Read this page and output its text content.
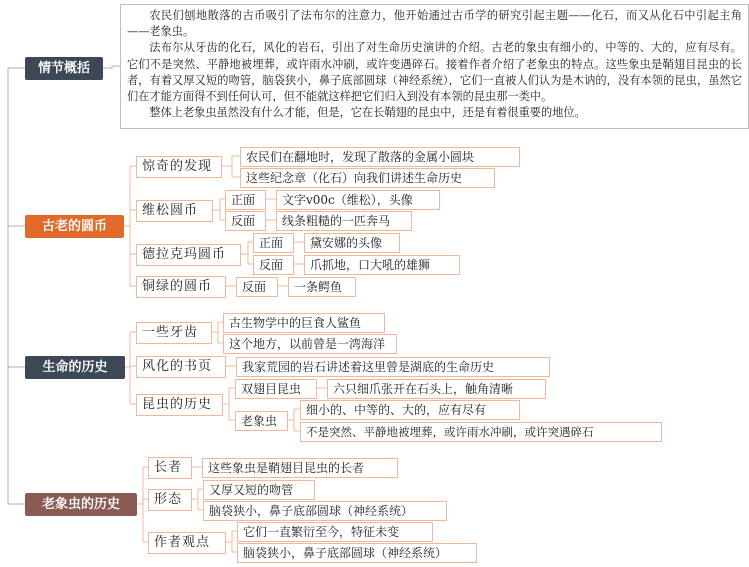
农民们刨地散落的古币吸引了法布尔的注意力，他开始通过古币学的研究引起主题——化石，而又从化石中引起主角——老象虫。

法布尔从牙齿的化石，风化的岩石，引出了对生命历史演讲的介绍。古老的象虫有细小的、中等的、大的，应有尽有。它们不是突然、平静地被埋葬，或许雨水冲刷，或许变遇碎石。接着作者介绍了老象虫的特点。这些象虫是鞘翅目昆虫的长者，有着又厚又短的吻管，脑袋狭小，鼻子底部圆球（神经系统），它们一直被人们认为是木讷的，没有本领的昆虫，虽然它们在才能方面得不到任何认可，但不能就这样把它们归入到没有本领的昆虫那一类中。

整体上老象虫虽然没有什么才能，但是，它在长鞘翅的昆虫中，还是有着很重要的地位。

情节概括
古老的圆币
生命的历史
老象虫的历史
惊奇的发现
农民们在翻地时，发现了散落的金属小圆块
这些纪念章（化石）向我们讲述生命历史
维松圆币
正面	文字v00c（维松），头像
反面	线条粗糙的一匹奔马
德拉克玛圆币
正面	黛安娜的头像
反面	爪抓地，口大吼的雄狮
铜绿的圆币	反面	一条鳄鱼
一些牙齿
古生物学中的巨食人鲨鱼
这个地方，以前曾是一湾海洋
风化的书页	我家荒园的岩石讲述着这里曾是湖底的生命历史
昆虫的历史
双翅目昆虫	六只细爪张开在石头上，触角清晰
老象虫
细小的、中等的、大的，应有尽有
不是突然、平静地被埋葬，或许雨水冲刷，或许突遇碎石
长者	这些象虫是鞘翅目昆虫的长者
形态
又厚又短的吻管
脑袋狭小，鼻子底部圆球（神经系统）
作者观点
它们一直繁衍至今，特征未变
脑袋狭小，鼻子底部圆球（神经系统）
